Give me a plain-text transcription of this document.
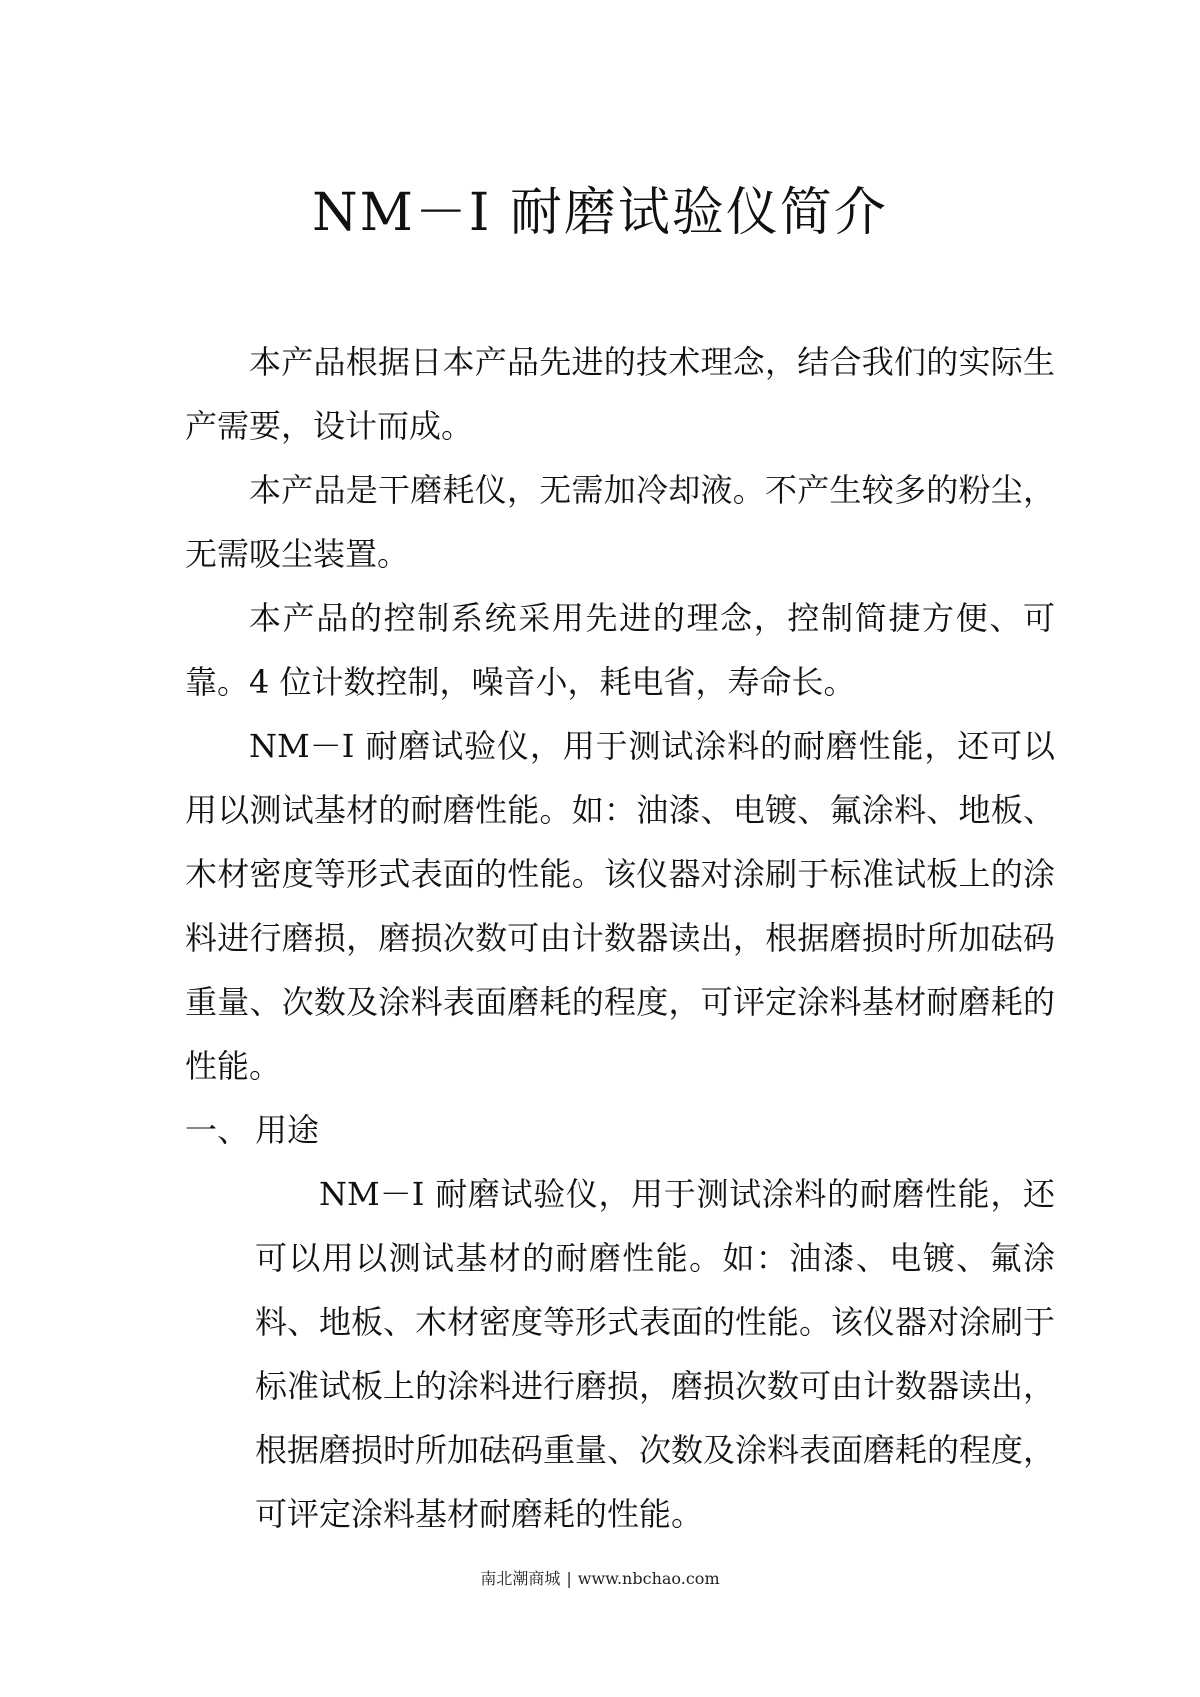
NM－I 耐磨试验仪简介

本产品根据日本产品先进的技术理念，结合我们的实际生产需要，设计而成。

本产品是干磨耗仪，无需加冷却液。不产生较多的粉尘，无需吸尘装置。

本产品的控制系统采用先进的理念，控制简捷方便、可靠。4 位计数控制，噪音小，耗电省，寿命长。

NM－I 耐磨试验仪，用于测试涂料的耐磨性能，还可以用以测试基材的耐磨性能。如：油漆、电镀、氟涂料、地板、木材密度等形式表面的性能。该仪器对涂刷于标准试板上的涂料进行磨损，磨损次数可由计数器读出，根据磨损时所加砝码重量、次数及涂料表面磨耗的程度，可评定涂料基材耐磨耗的性能。

一、 用途

NM－I 耐磨试验仪，用于测试涂料的耐磨性能，还可以用以测试基材的耐磨性能。如：油漆、电镀、氟涂料、地板、木材密度等形式表面的性能。该仪器对涂刷于标准试板上的涂料进行磨损，磨损次数可由计数器读出，根据磨损时所加砝码重量、次数及涂料表面磨耗的程度，可评定涂料基材耐磨耗的性能。

南北潮商城 | www.nbchao.com
